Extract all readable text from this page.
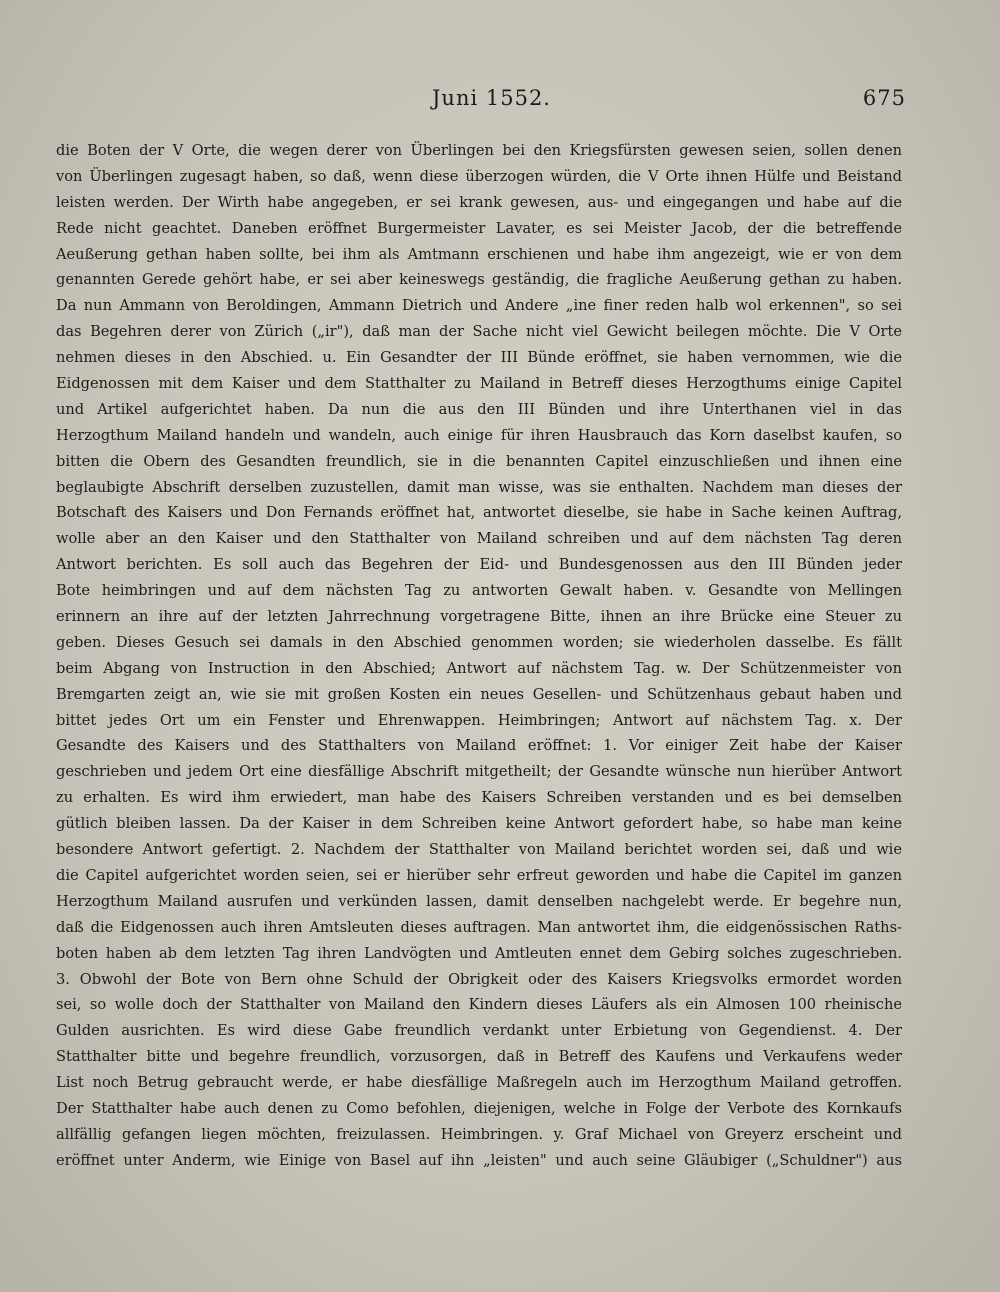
Juni 1552.	675
die Boten der V Orte, die wegen derer von Überlingen bei den Kriegsfürsten gewesen seien, sollen denen
von Überlingen zugesagt haben, so daß, wenn diese überzogen würden, die V Orte ihnen Hülfe und Beistand
leisten werden. Der Wirth habe angegeben, er sei krank gewesen, aus- und eingegangen und habe auf die
Rede nicht geachtet. Daneben eröffnet Burgermeister Lavater, es sei Meister Jacob, der die betreffende
Aeußerung gethan haben sollte, bei ihm als Amtmann erschienen und habe ihm angezeigt, wie er von dem
genannten Gerede gehört habe, er sei aber keineswegs geständig, die fragliche Aeußerung gethan zu haben.
Da nun Ammann von Beroldingen, Ammann Dietrich und Andere „ine finer reden halb wol erkennen", so sei
das Begehren derer von Zürich („ir"), daß man der Sache nicht viel Gewicht beilegen möchte. Die V Orte
nehmen dieses in den Abschied. u. Ein Gesandter der III Bünde eröffnet, sie haben vernommen, wie die
Eidgenossen mit dem Kaiser und dem Statthalter zu Mailand in Betreff dieses Herzogthums einige Capitel
und Artikel aufgerichtet haben. Da nun die aus den III Bünden und ihre Unterthanen viel in das
Herzogthum Mailand handeln und wandeln, auch einige für ihren Hausbrauch das Korn daselbst kaufen, so
bitten die Obern des Gesandten freundlich, sie in die benannten Capitel einzuschließen und ihnen eine
beglaubigte Abschrift derselben zuzustellen, damit man wisse, was sie enthalten. Nachdem man dieses der
Botschaft des Kaisers und Don Fernands eröffnet hat, antwortet dieselbe, sie habe in Sache keinen Auftrag,
wolle aber an den Kaiser und den Statthalter von Mailand schreiben und auf dem nächsten Tag deren
Antwort berichten. Es soll auch das Begehren der Eid- und Bundesgenossen aus den III Bünden jeder
Bote heimbringen und auf dem nächsten Tag zu antworten Gewalt haben. v. Gesandte von Mellingen
erinnern an ihre auf der letzten Jahrrechnung vorgetragene Bitte, ihnen an ihre Brücke eine Steuer zu
geben. Dieses Gesuch sei damals in den Abschied genommen worden; sie wiederholen dasselbe. Es fällt
beim Abgang von Instruction in den Abschied; Antwort auf nächstem Tag. w. Der Schützenmeister von
Bremgarten zeigt an, wie sie mit großen Kosten ein neues Gesellen- und Schützenhaus gebaut haben und
bittet jedes Ort um ein Fenster und Ehrenwappen. Heimbringen; Antwort auf nächstem Tag. x. Der
Gesandte des Kaisers und des Statthalters von Mailand eröffnet: 1. Vor einiger Zeit habe der Kaiser
geschrieben und jedem Ort eine diesfällige Abschrift mitgetheilt; der Gesandte wünsche nun hierüber Antwort
zu erhalten. Es wird ihm erwiedert, man habe des Kaisers Schreiben verstanden und es bei demselben
gütlich bleiben lassen. Da der Kaiser in dem Schreiben keine Antwort gefordert habe, so habe man keine
besondere Antwort gefertigt. 2. Nachdem der Statthalter von Mailand berichtet worden sei, daß und wie
die Capitel aufgerichtet worden seien, sei er hierüber sehr erfreut geworden und habe die Capitel im ganzen
Herzogthum Mailand ausrufen und verkünden lassen, damit denselben nachgelebt werde. Er begehre nun,
daß die Eidgenossen auch ihren Amtsleuten dieses auftragen. Man antwortet ihm, die eidgenössischen Raths-
boten haben ab dem letzten Tag ihren Landvögten und Amtleuten ennet dem Gebirg solches zugeschrieben.
3. Obwohl der Bote von Bern ohne Schuld der Obrigkeit oder des Kaisers Kriegsvolks ermordet worden
sei, so wolle doch der Statthalter von Mailand den Kindern dieses Läufers als ein Almosen 100 rheinische
Gulden ausrichten. Es wird diese Gabe freundlich verdankt unter Erbietung von Gegendienst. 4. Der
Statthalter bitte und begehre freundlich, vorzusorgen, daß in Betreff des Kaufens und Verkaufens weder
List noch Betrug gebraucht werde, er habe diesfällige Maßregeln auch im Herzogthum Mailand getroffen.
Der Statthalter habe auch denen zu Como befohlen, diejenigen, welche in Folge der Verbote des Kornkaufs
allfällig gefangen liegen möchten, freizulassen. Heimbringen. y. Graf Michael von Greyerz erscheint und
eröffnet unter Anderm, wie Einige von Basel auf ihn „leisten" und auch seine Gläubiger („Schuldner") aus
